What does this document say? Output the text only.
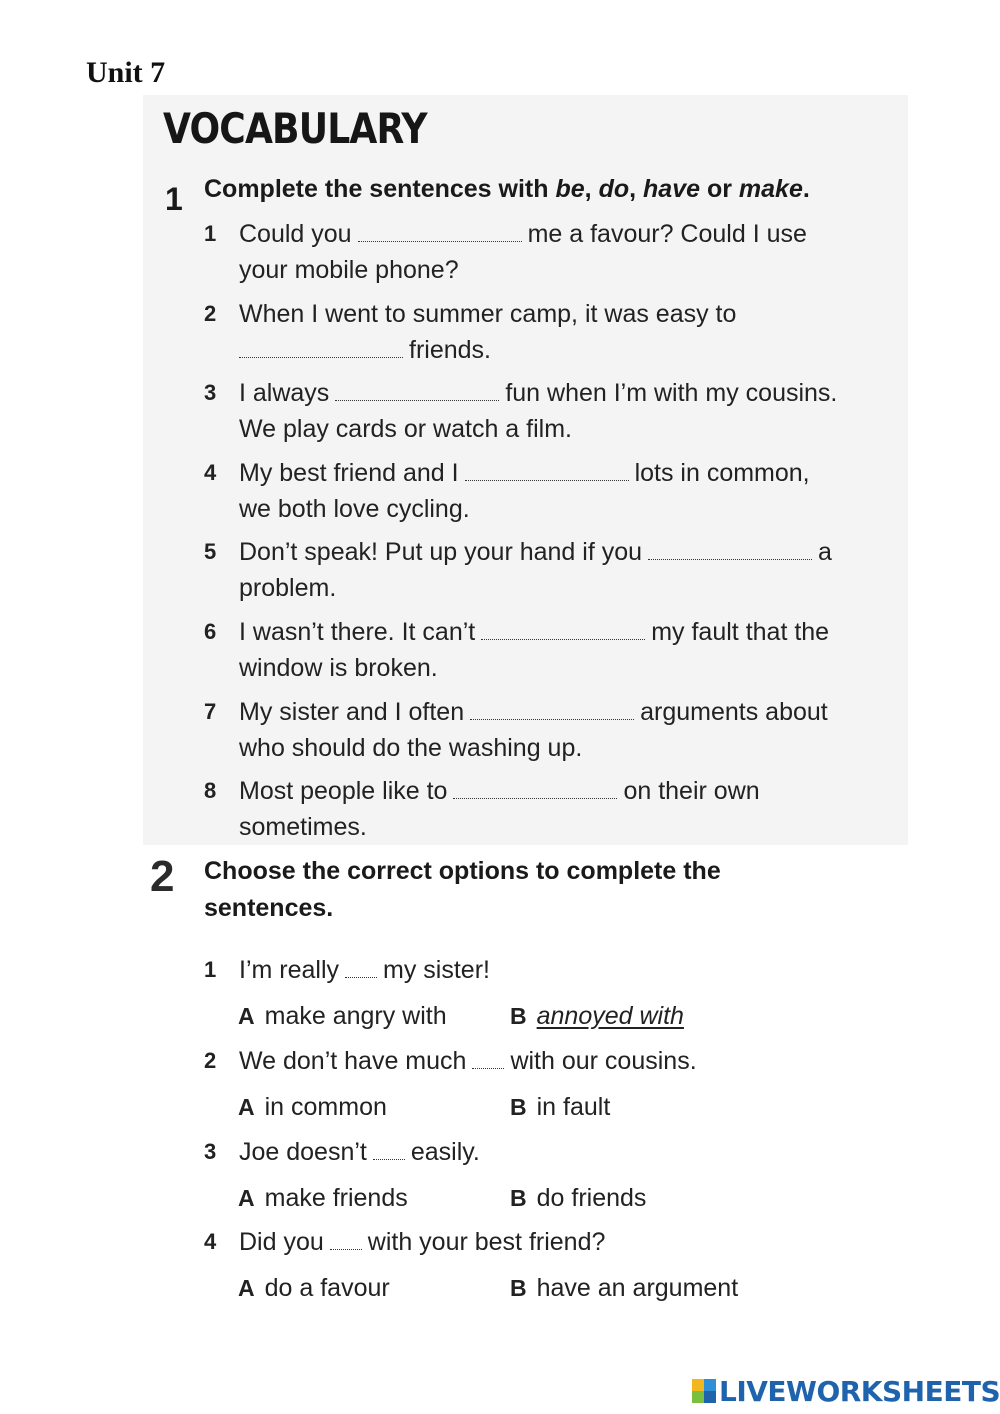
Unit 7
VOCABULARY
1 Complete the sentences with be, do, have or make.
1 Could you	me a favour? Could I use
your mobile phone?
2 When I went to summer camp, it was easy to
friends.
3 I always	fun when I’m with my cousins.
We play cards or watch a film.
4 My best friend and I	lots in common,
we both love cycling.
5 Don’t speak! Put up your hand if you	a
problem.
6 I wasn’t there. It can’t	my fault that the
window is broken.
7 My sister and I often	arguments about
who should do the washing up.
8 Most people like to	on their own
sometimes.
2 Choose the correct options to complete the
sentences.
1 I’m really my sister!
A make angry with	B annoyed with
2 We don’t have much with our cousins.
A in common	B in fault
3 Joe doesn’t easily.
A make friends	B do friends
4 Did you with your best friend?
A do a favour	B have an argument
LIVEWORKSHEETS
